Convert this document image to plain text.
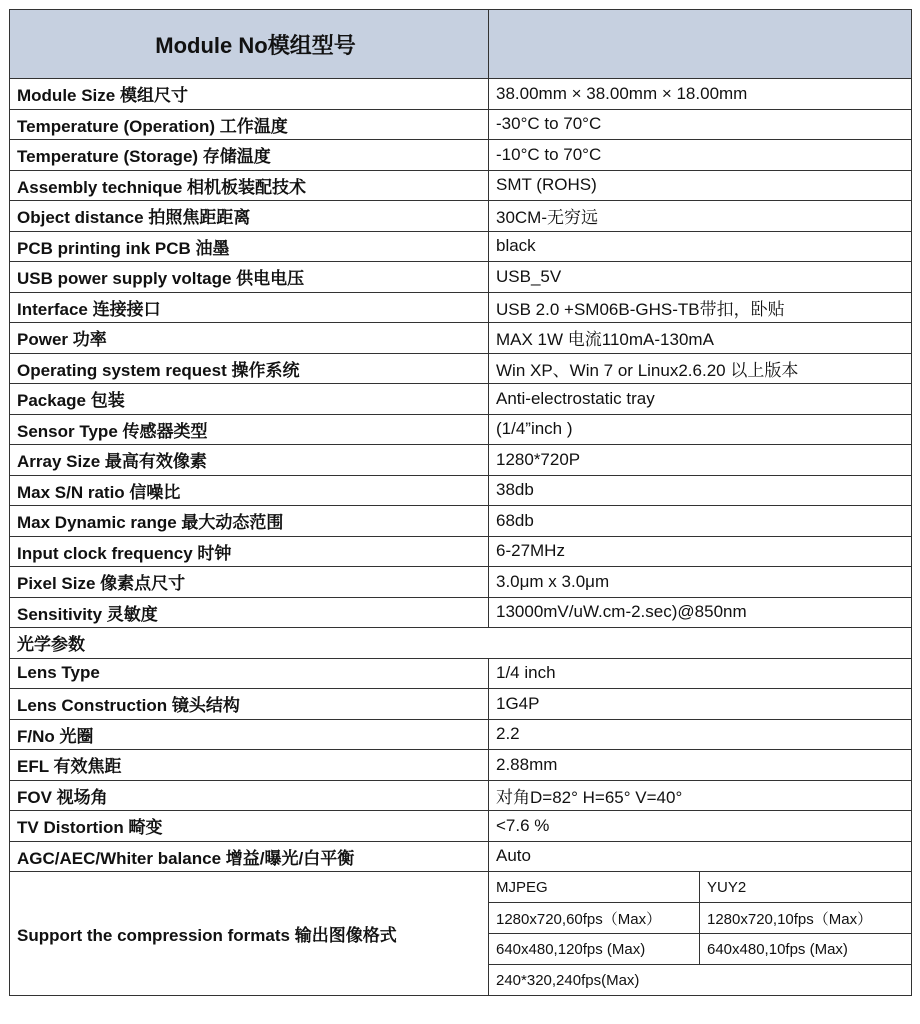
Module No模组型号	
Module Size 模组尺寸	38.00mm × 38.00mm × 18.00mm
Temperature (Operation) 工作温度	-30°C to 70°C
Temperature (Storage) 存储温度	-10°C to 70°C
Assembly technique 相机板装配技术	SMT (ROHS)
Object distance 拍照焦距距离	30CM-无穷远
PCB printing ink PCB 油墨	black
USB power supply voltage 供电电压	USB_5V
Interface 连接接口	USB 2.0 +SM06B-GHS-TB带扣，卧贴
Power 功率	MAX 1W 电流110mA-130mA
Operating system request 操作系统	Win XP、Win 7 or Linux2.6.20 以上版本
Package 包装	Anti-electrostatic tray
Sensor Type 传感器类型	(1/4”inch )
Array Size 最高有效像素	1280*720P
Max S/N ratio 信噪比	38db
Max Dynamic range 最大动态范围	68db
Input clock frequency 时钟	6-27MHz
Pixel Size 像素点尺寸	3.0μm x 3.0μm
Sensitivity 灵敏度	13000mV/uW.cm-2.sec)@850nm
光学参数
Lens Type	1/4 inch
Lens Construction 镜头结构	1G4P
F/No 光圈	2.2
EFL 有效焦距	2.88mm
FOV 视场角	对角D=82° H=65° V=40°
TV Distortion 畸变	<7.6 %
AGC/AEC/Whiter balance 增益/曝光/白平衡	Auto
Support the compression formats 输出图像格式	
MJPEG	YUY2
1280x720,60fps（Max）	1280x720,10fps（Max）
640x480,120fps (Max)	640x480,10fps (Max)
240*320,240fps(Max)	
